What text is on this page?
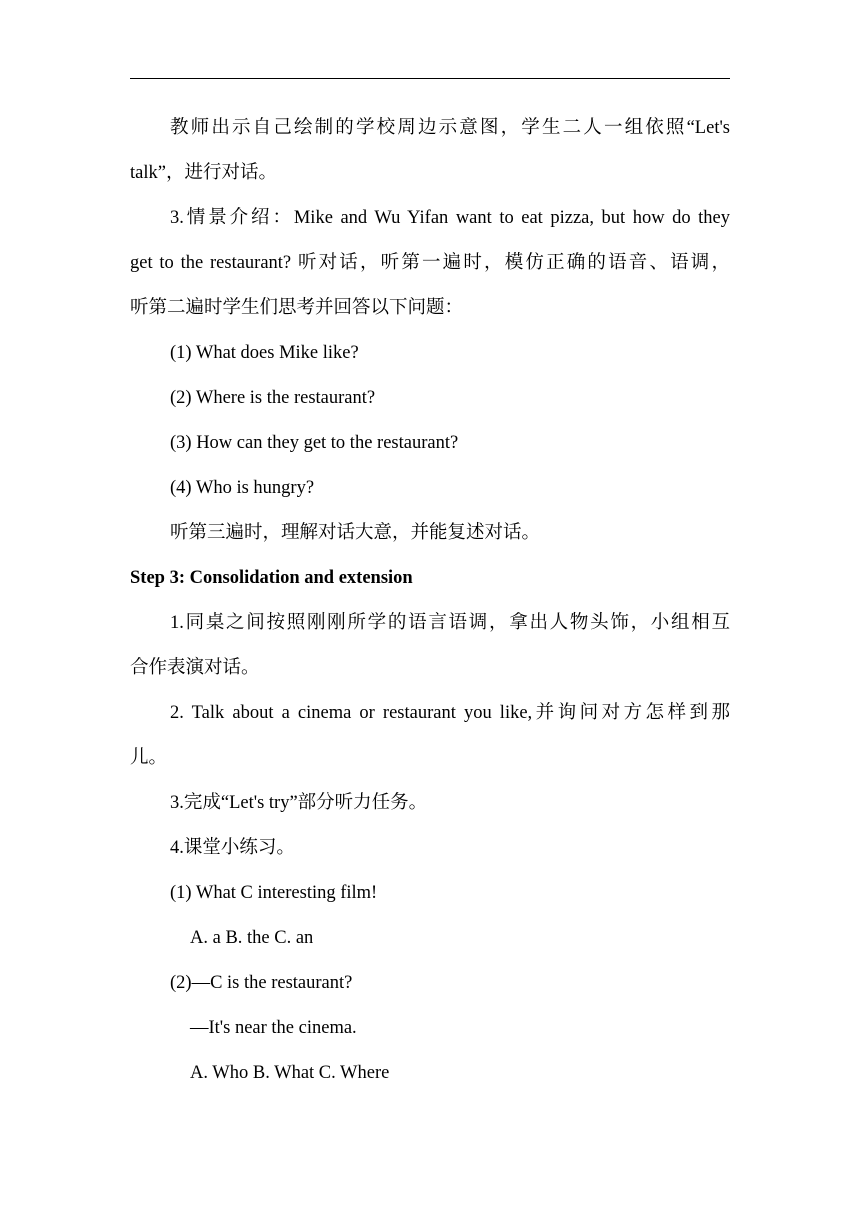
教师出示自己绘制的学校周边示意图，学生二人一组依照“Let's
talk”，进行对话。
3.情景介绍：Mike and Wu Yifan want to eat pizza, but how do they
get to the restaurant? 听对话，听第一遍时，模仿正确的语音、语调，
听第二遍时学生们思考并回答以下问题：
(1) What does Mike like?
(2) Where is the restaurant?
(3) How can they get to the restaurant?
(4) Who is hungry?
听第三遍时，理解对话大意，并能复述对话。
Step 3: Consolidation and extension
1.同桌之间按照刚刚所学的语言语调，拿出人物头饰，小组相互
合作表演对话。
2. Talk about a cinema or restaurant you like,并询问对方怎样到那
儿。
3.完成“Let's try”部分听力任务。
4.课堂小练习。
(1) What C interesting film!
A. a B. the C. an
(2)—C is the restaurant?
—It's near the cinema.
A. Who B. What C. Where
